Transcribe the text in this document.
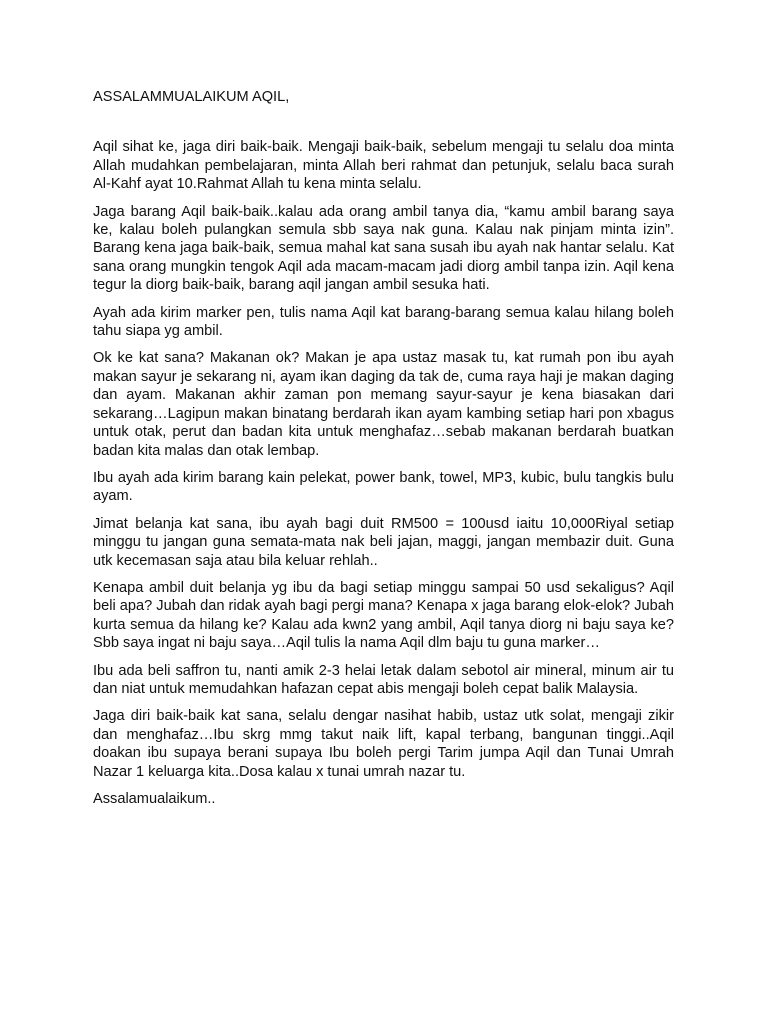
ASSALAMMUALAIKUM AQIL,

Aqil sihat ke, jaga diri baik-baik. Mengaji baik-baik, sebelum mengaji tu selalu doa minta Allah mudahkan pembelajaran, minta Allah beri rahmat dan petunjuk, selalu baca surah Al-Kahf ayat 10.Rahmat Allah tu kena minta selalu.

Jaga barang Aqil baik-baik..kalau ada orang ambil tanya dia, “kamu ambil barang saya ke, kalau boleh pulangkan semula sbb saya nak guna. Kalau nak pinjam minta izin”. Barang kena jaga baik-baik, semua mahal kat sana susah ibu ayah nak hantar selalu. Kat sana orang mungkin tengok Aqil ada macam-macam jadi diorg ambil tanpa izin. Aqil kena tegur la diorg baik-baik, barang aqil jangan ambil sesuka hati.

Ayah ada kirim marker pen, tulis nama Aqil kat barang-barang semua kalau hilang boleh tahu siapa yg ambil.

Ok ke kat sana? Makanan ok? Makan je apa ustaz masak tu, kat rumah pon ibu ayah makan sayur je sekarang ni, ayam ikan daging da tak de, cuma raya haji je makan daging dan ayam. Makanan akhir zaman pon memang sayur-sayur je kena biasakan dari sekarang…Lagipun makan binatang berdarah ikan ayam kambing setiap hari pon xbagus untuk otak, perut dan badan kita untuk menghafaz…sebab makanan berdarah buatkan badan kita malas dan otak lembap.

Ibu ayah ada kirim barang kain pelekat, power bank, towel, MP3, kubic, bulu tangkis bulu ayam.

Jimat belanja kat sana, ibu ayah bagi duit RM500 = 100usd iaitu 10,000Riyal setiap minggu tu jangan guna semata-mata nak beli jajan, maggi, jangan membazir duit. Guna utk kecemasan saja atau bila keluar rehlah..

Kenapa ambil duit belanja yg ibu da bagi setiap minggu sampai 50 usd sekaligus? Aqil beli apa? Jubah dan ridak ayah bagi pergi mana? Kenapa x jaga barang elok-elok? Jubah kurta semua da hilang ke? Kalau ada kwn2 yang ambil, Aqil tanya diorg ni baju saya ke? Sbb saya ingat ni baju saya…Aqil tulis la nama Aqil dlm baju tu guna marker…

Ibu ada beli saffron tu, nanti amik 2-3 helai letak dalam sebotol air mineral, minum air tu dan niat untuk memudahkan hafazan cepat abis mengaji boleh cepat balik Malaysia.

Jaga diri baik-baik kat sana, selalu dengar nasihat habib, ustaz utk solat, mengaji zikir dan menghafaz…Ibu skrg mmg takut naik lift, kapal terbang, bangunan tinggi..Aqil doakan ibu supaya berani supaya Ibu boleh pergi Tarim jumpa Aqil dan Tunai Umrah Nazar 1 keluarga kita..Dosa kalau x tunai umrah nazar tu.

Assalamualaikum..
